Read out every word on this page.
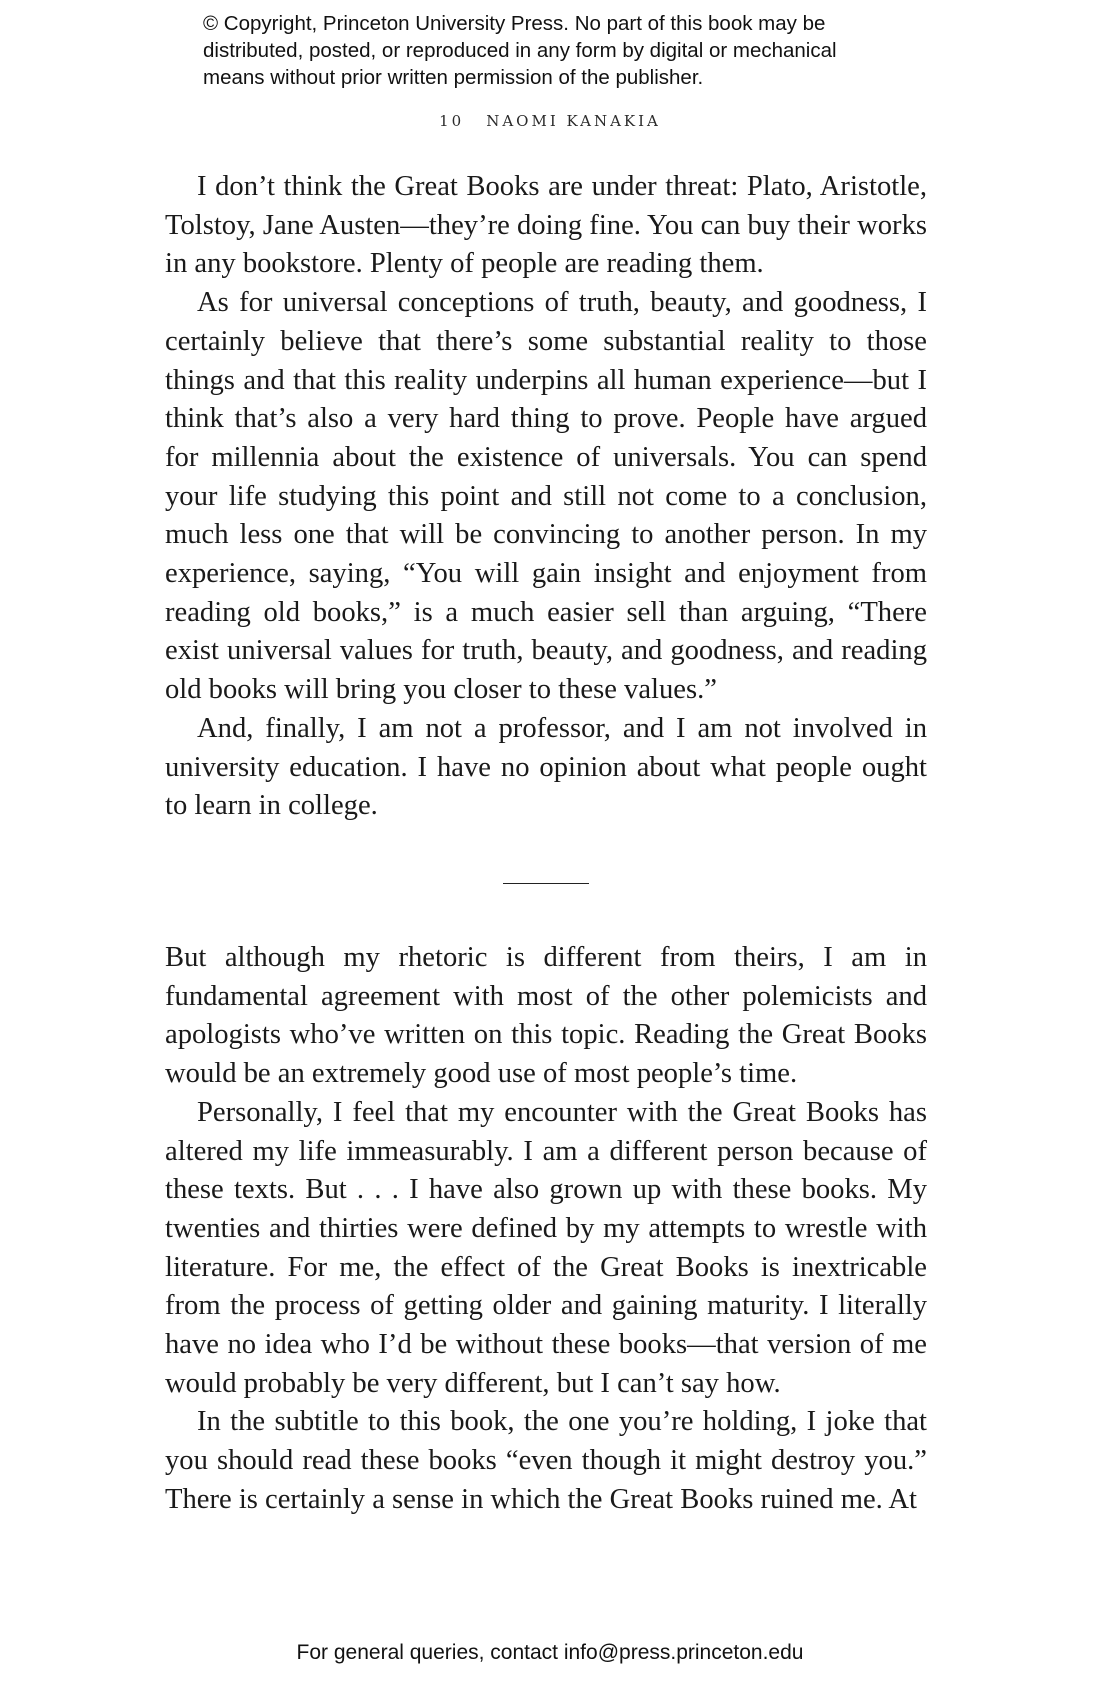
© Copyright, Princeton University Press. No part of this book may be
distributed, posted, or reproduced in any form by digital or mechanical
means without prior written permission of the publisher.
10 NAOMI KANAKIA

I don’t think the Great Books are under threat: Plato, Aristotle, Tolstoy, Jane Austen—they’re doing fine. You can buy their works in any bookstore. Plenty of people are reading them.

As for universal conceptions of truth, beauty, and goodness, I certainly believe that there’s some substantial reality to those things and that this reality underpins all human experience—but I think that’s also a very hard thing to prove. People have argued for millennia about the existence of universals. You can spend your life studying this point and still not come to a conclusion, much less one that will be convincing to another person. In my experience, saying, “You will gain insight and enjoyment from reading old books,” is a much easier sell than arguing, “There exist universal values for truth, beauty, and goodness, and reading old books will bring you closer to these values.”

And, finally, I am not a professor, and I am not involved in university education. I have no opinion about what people ought to learn in college.

But although my rhetoric is different from theirs, I am in fundamental agreement with most of the other polemicists and apologists who’ve written on this topic. Reading the Great Books would be an extremely good use of most people’s time.

Personally, I feel that my encounter with the Great Books has altered my life immeasurably. I am a different person because of these texts. But . . . I have also grown up with these books. My twenties and thirties were defined by my attempts to wrestle with literature. For me, the effect of the Great Books is inextricable from the process of getting older and gaining maturity. I literally have no idea who I’d be without these books—that version of me would probably be very different, but I can’t say how.

In the subtitle to this book, the one you’re holding, I joke that you should read these books “even though it might destroy you.” There is certainly a sense in which the Great Books ruined me. At

For general queries, contact info@press.princeton.edu
